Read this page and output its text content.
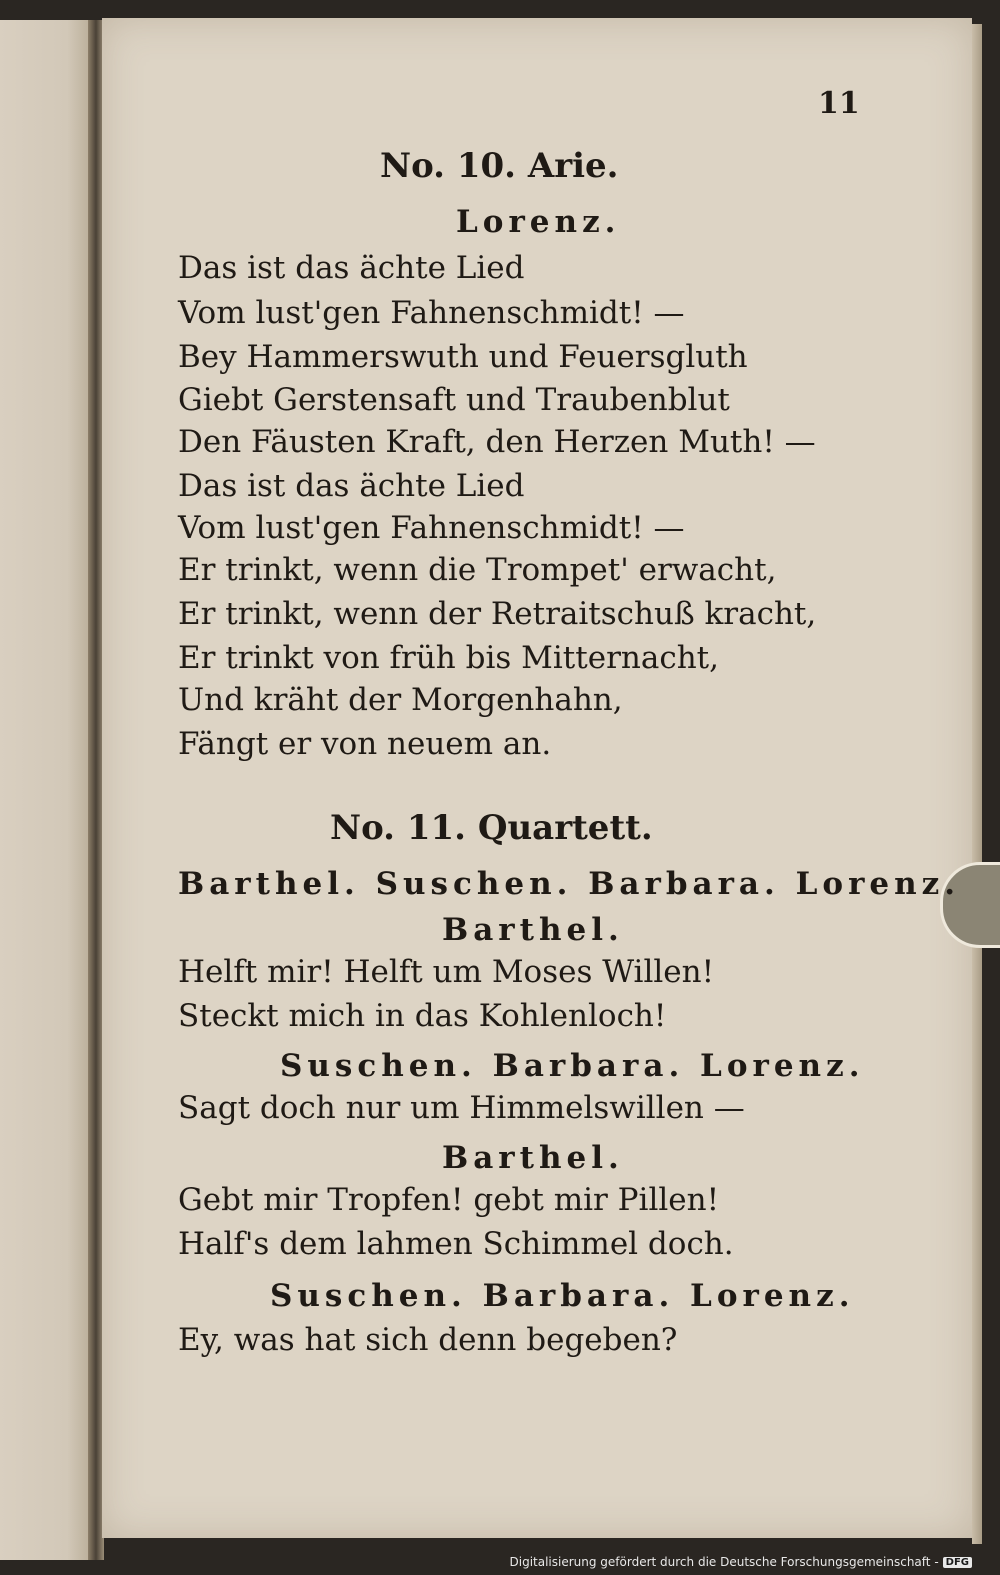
11
No. 10. Arie.
Lorenz.
Das ist das ächte Lied
Vom lust'gen Fahnenschmidt! —
Bey Hammerswuth und Feuersgluth
Giebt Gerstensaft und Traubenblut
Den Fäusten Kraft, den Herzen Muth! —
Das ist das ächte Lied
Vom lust'gen Fahnenschmidt! —
Er trinkt, wenn die Trompet' erwacht,
Er trinkt, wenn der Retraitschuß kracht,
Er trinkt von früh bis Mitternacht,
Und kräht der Morgenhahn,
Fängt er von neuem an.
No. 11. Quartett.
Barthel. Suschen. Barbara. Lorenz.
Barthel.
Helft mir! Helft um Moses Willen!
Steckt mich in das Kohlenloch!
Suschen. Barbara. Lorenz.
Sagt doch nur um Himmelswillen —
Barthel.
Gebt mir Tropfen! gebt mir Pillen!
Half's dem lahmen Schimmel doch.
Suschen. Barbara. Lorenz.
Ey, was hat sich denn begeben?
Digitalisierung gefördert durch die Deutsche Forschungsgemeinschaft - DFG
